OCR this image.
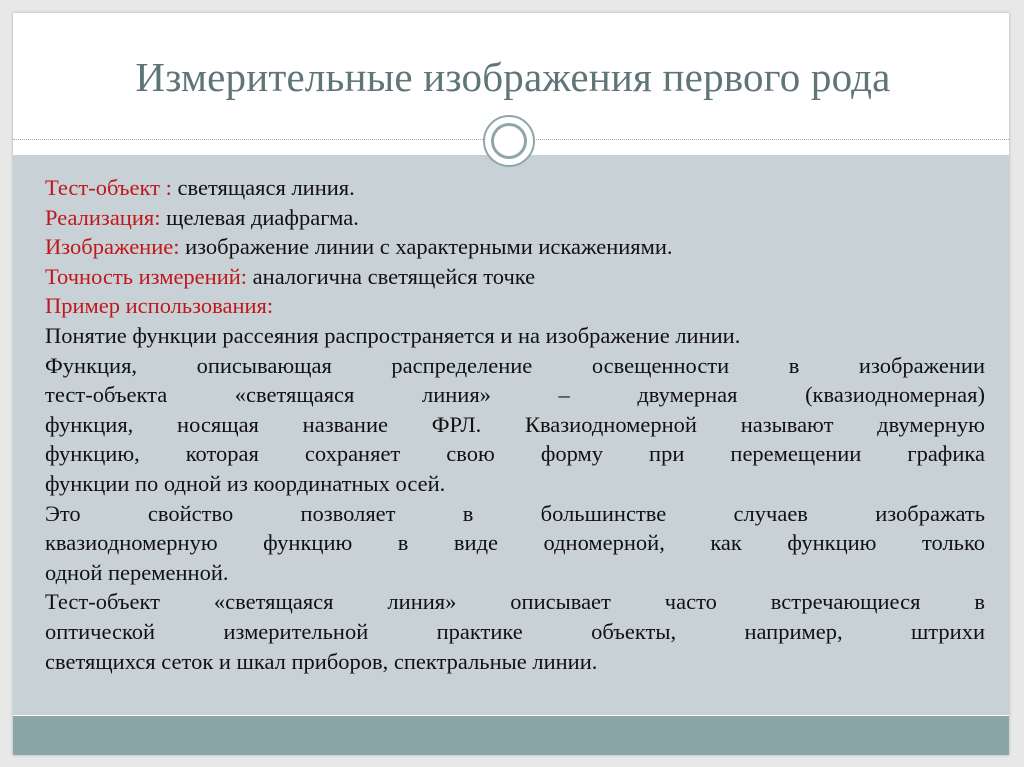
Измерительные изображения первого рода
Тест-объект : светящаяся линия.
Реализация: щелевая диафрагма.
Изображение: изображение линии с характерными искажениями.
Точность измерений: аналогична светящейся точке
Пример использования:
Понятие функции рассеяния распространяется и на изображение линии.
Функция, описывающая распределение освещенности в изображении
тест-объекта «светящаяся линия» – двумерная (квазиодномерная)
функция, носящая название ФРЛ. Квазиодномерной называют двумерную
функцию, которая сохраняет свою форму при перемещении графика
функции по одной из координатных осей.
Это свойство позволяет в большинстве случаев изображать
квазиодномерную функцию в виде одномерной, как функцию только
одной переменной.
Тест-объект «светящаяся линия» описывает часто встречающиеся в
оптической измерительной практике объекты, например, штрихи
светящихся сеток и шкал приборов, спектральные линии.
